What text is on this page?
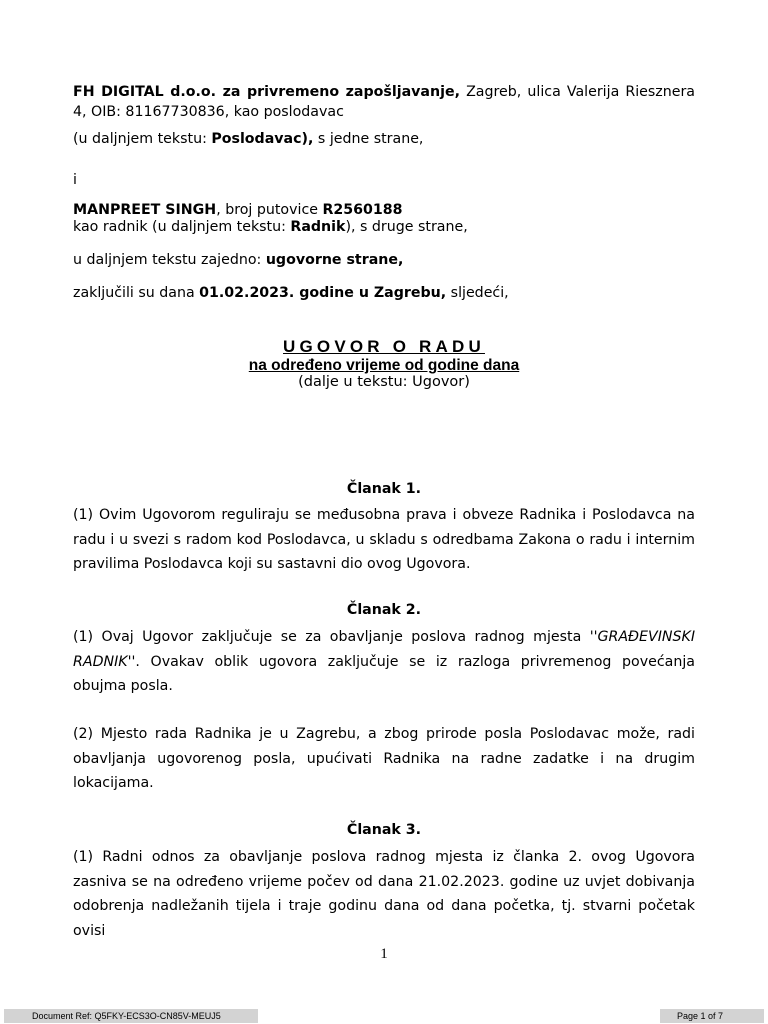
FH DIGITAL d.o.o. za privremeno zapošljavanje, Zagreb, ulica Valerija Riesznera 4, OIB: 81167730836, kao poslodavac
(u daljnjem tekstu: Poslodavac), s jedne strane,
i
MANPREET SINGH, broj putovice R2560188
kao radnik (u daljnjem tekstu: Radnik), s druge strane,
u daljnjem tekstu zajedno: ugovorne strane,
zaključili su dana 01.02.2023. godine u Zagrebu, sljedeći,
UGOVOR O RADU
na određeno vrijeme od godine dana
(dalje u tekstu: Ugovor)
Članak 1.
(1) Ovim Ugovorom reguliraju se međusobna prava i obveze Radnika i Poslodavca na radu i u svezi s radom kod Poslodavca, u skladu s odredbama Zakona o radu i internim pravilima Poslodavca koji su sastavni dio ovog Ugovora.
Članak 2.
(1) Ovaj Ugovor zaključuje se za obavljanje poslova radnog mjesta ''GRAĐEVINSKI RADNIK''. Ovakav oblik ugovora zaključuje se iz razloga privremenog povećanja obujma posla.
(2) Mjesto rada Radnika je u Zagrebu, a zbog prirode posla Poslodavac može, radi obavljanja ugovorenog posla, upućivati Radnika na radne zadatke i na drugim lokacijama.
Članak 3.
(1) Radni odnos za obavljanje poslova radnog mjesta iz članka 2. ovog Ugovora zasniva se na određeno vrijeme počev od dana 21.02.2023. godine uz uvjet dobivanja odobrenja nadležanih tijela i traje godinu dana od dana početka, tj. stvarni početak ovisi
1
Document Ref: Q5FKY-ECS3O-CN85V-MEUJ5	Page 1 of 7
